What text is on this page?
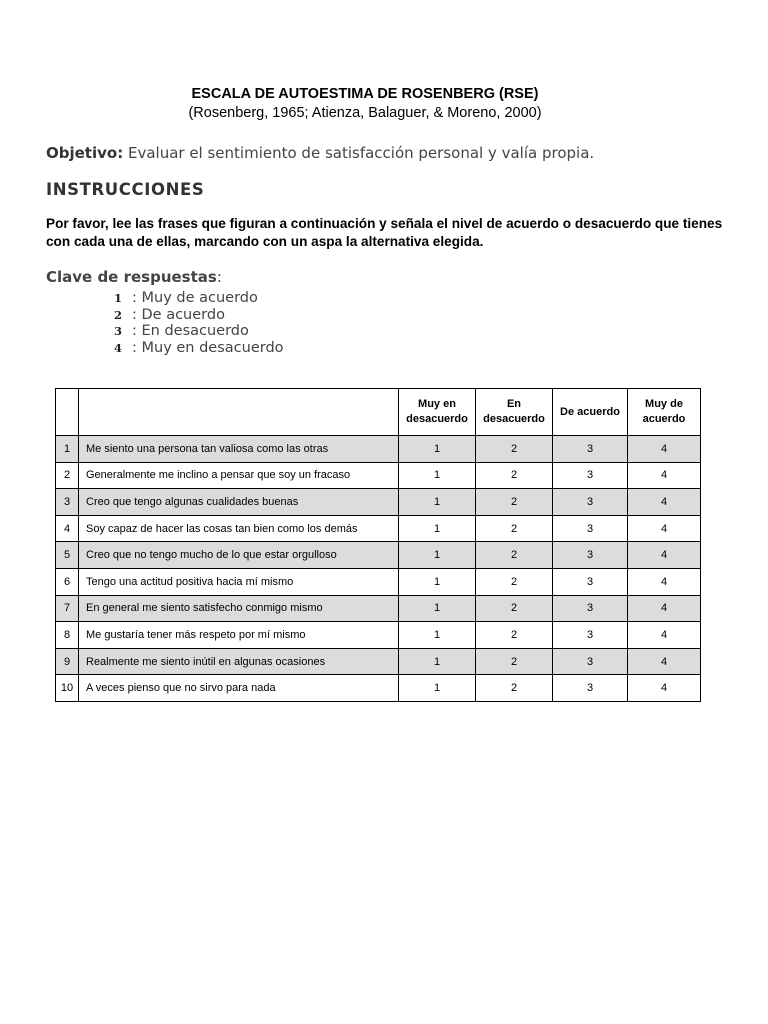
ESCALA DE AUTOESTIMA DE ROSENBERG (RSE)
(Rosenberg, 1965; Atienza, Balaguer, & Moreno, 2000)
Objetivo: Evaluar el sentimiento de satisfacción personal y valía propia.
INSTRUCCIONES
Por favor, lee las frases que figuran a continuación y señala el nivel de acuerdo o desacuerdo que tienes con cada una de ellas, marcando con un aspa la alternativa elegida.
Clave de respuestas:
1 : Muy de acuerdo
2 : De acuerdo
3 : En desacuerdo
4 : Muy en desacuerdo
		Muy en desacuerdo	En desacuerdo	De acuerdo	Muy de acuerdo
1	Me siento una persona tan valiosa como las otras	1	2	3	4
2	Generalmente me inclino a pensar que soy un fracaso	1	2	3	4
3	Creo que tengo algunas cualidades buenas	1	2	3	4
4	Soy capaz de hacer las cosas tan bien como los demás	1	2	3	4
5	Creo que no tengo mucho de lo que estar orgulloso	1	2	3	4
6	Tengo una actitud positiva hacia mí mismo	1	2	3	4
7	En general me siento satisfecho conmigo mismo	1	2	3	4
8	Me gustaría tener más respeto por mí mismo	1	2	3	4
9	Realmente me siento inútil en algunas ocasiones	1	2	3	4
10	A veces pienso que no sirvo para nada	1	2	3	4
